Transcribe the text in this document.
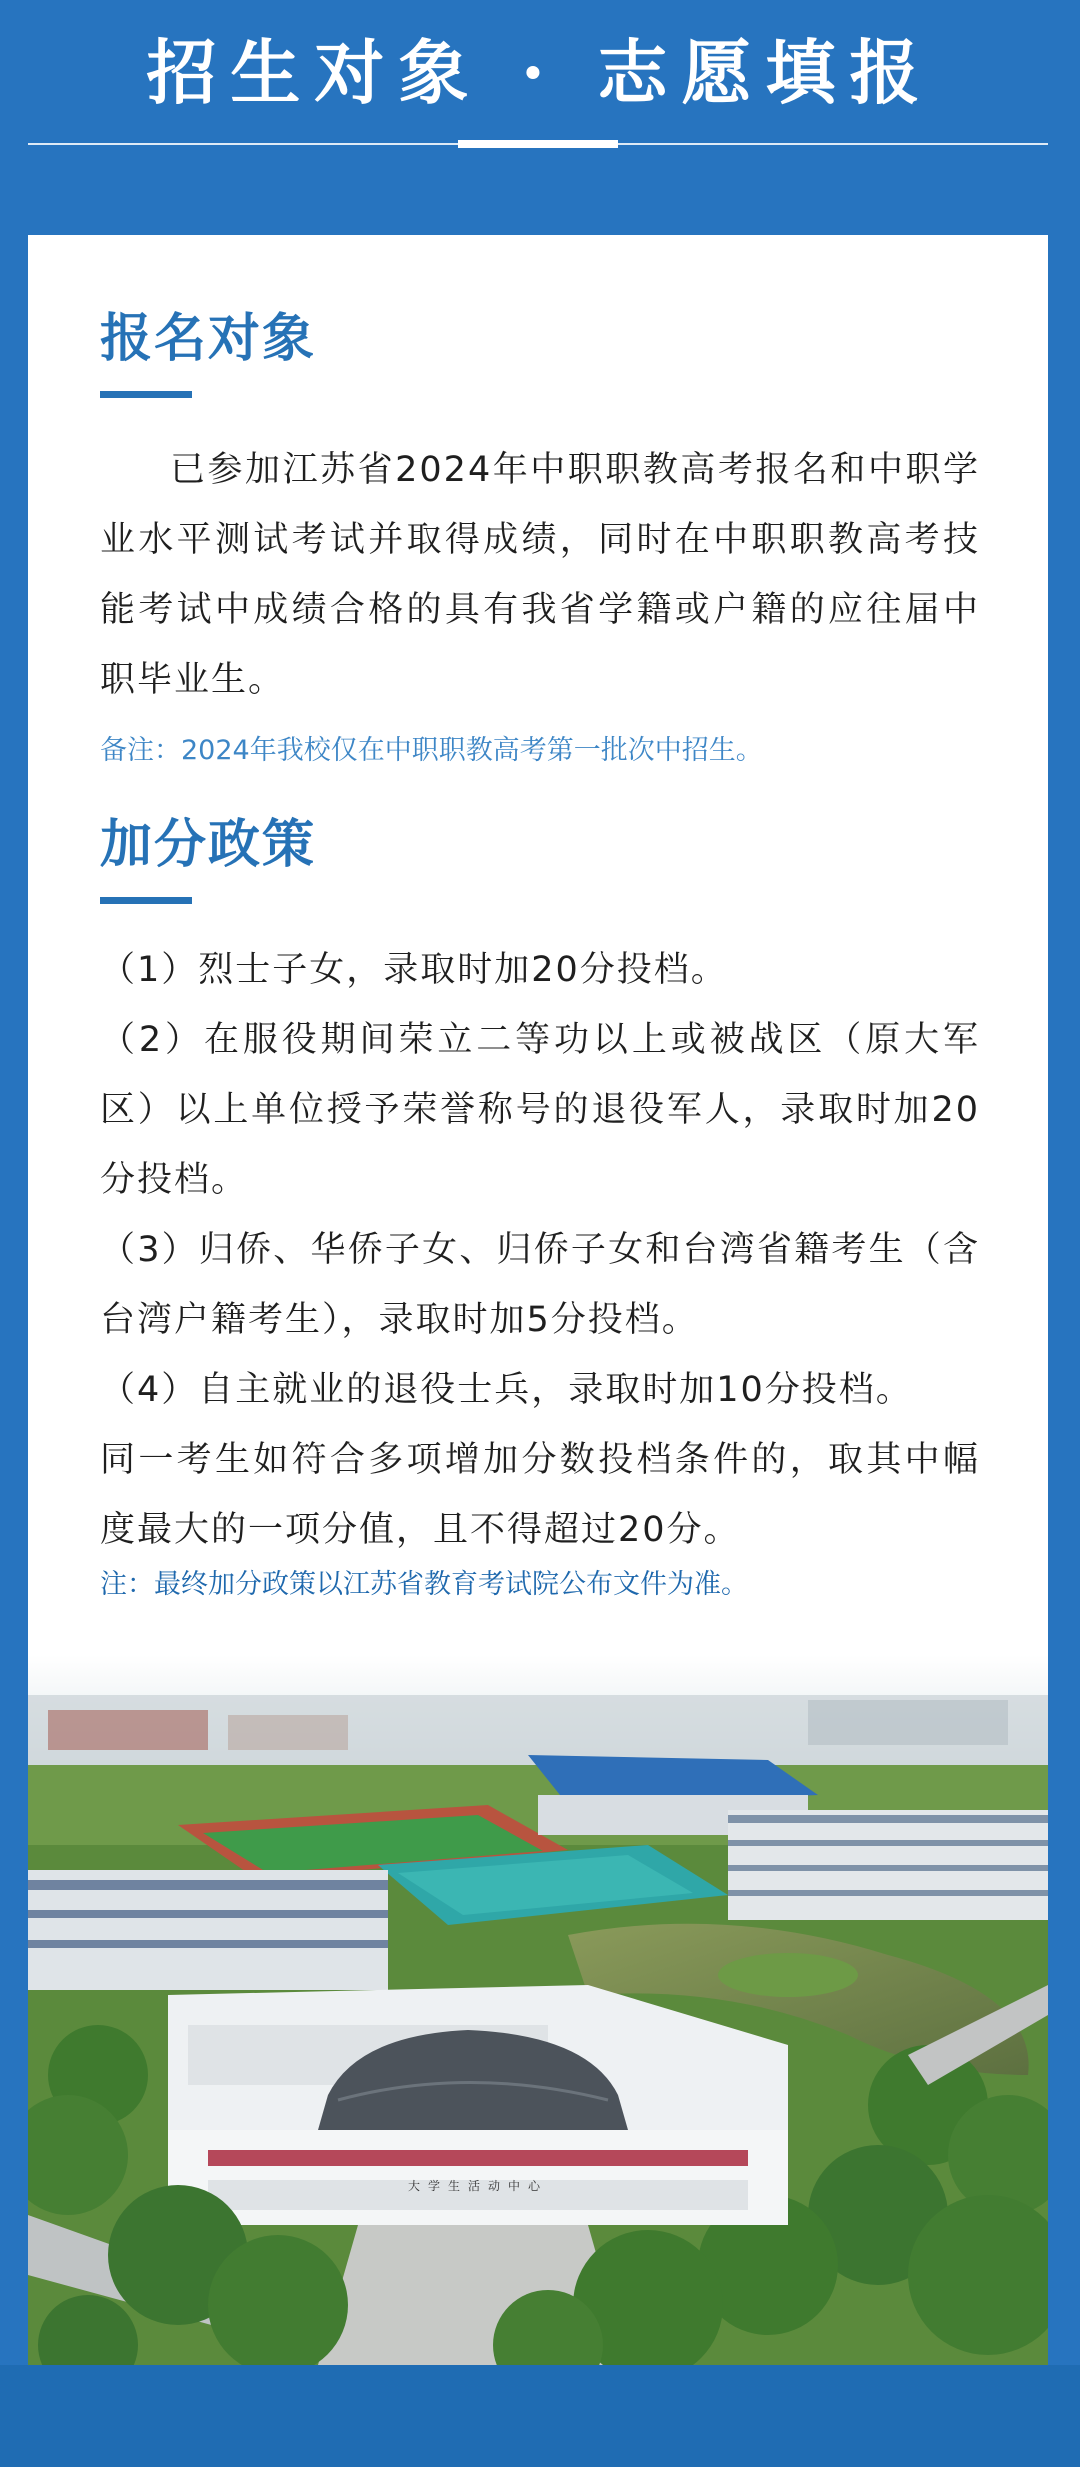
招生对象 · 志愿填报
报名对象
已参加江苏省2024年中职职教高考报名和中职学业水平测试考试并取得成绩，同时在中职职教高考技能考试中成绩合格的具有我省学籍或户籍的应往届中职毕业生。
备注：2024年我校仅在中职职教高考第一批次中招生。
加分政策
（1）烈士子女，录取时加20分投档。
（2）在服役期间荣立二等功以上或被战区（原大军区）以上单位授予荣誉称号的退役军人，录取时加20分投档。
（3）归侨、华侨子女、归侨子女和台湾省籍考生（含台湾户籍考生），录取时加5分投档。
（4）自主就业的退役士兵，录取时加10分投档。
同一考生如符合多项增加分数投档条件的，取其中幅度最大的一项分值，且不得超过20分。
注：最终加分政策以江苏省教育考试院公布文件为准。
大学生活动中心
